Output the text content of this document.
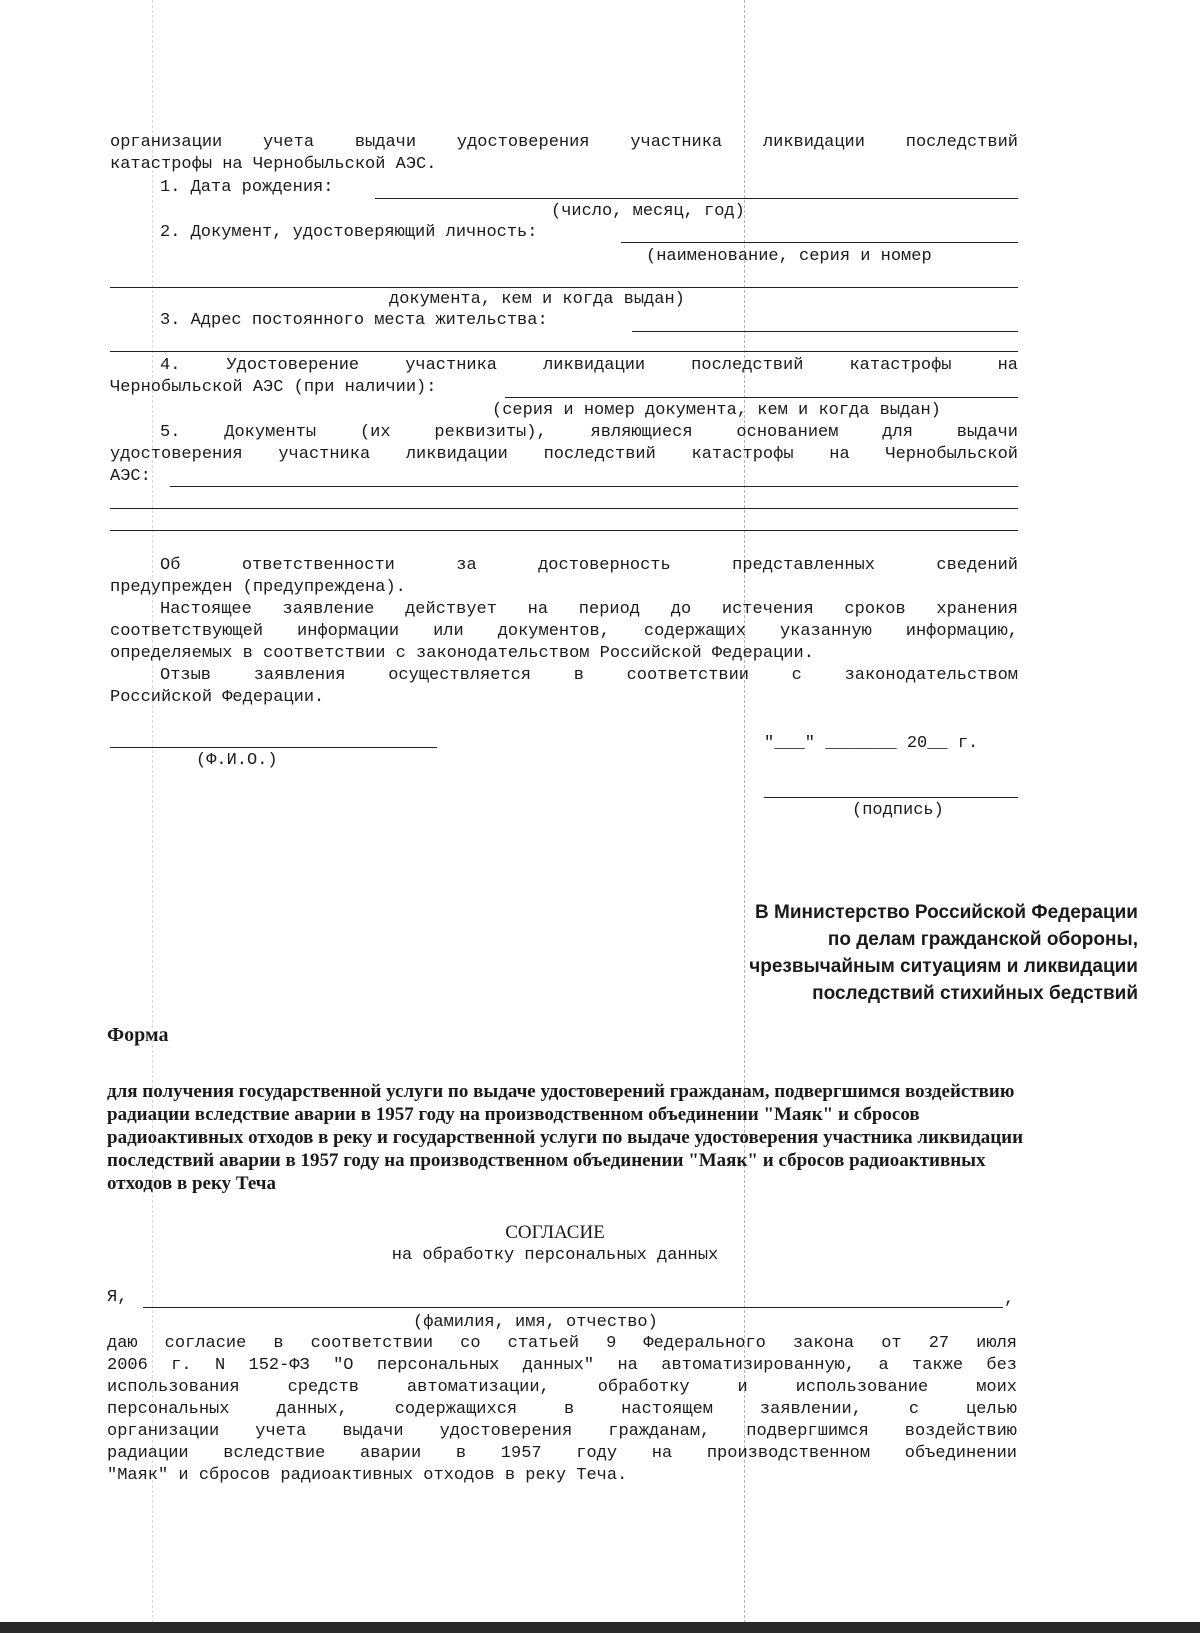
организации учета выдачи удостоверения участника ликвидации последствий
катастрофы на Чернобыльской АЭС.
1. Дата рождения:
(число, месяц, год)
2. Документ, удостоверяющий личность:
(наименование, серия и номер
документа, кем и когда выдан)
3. Адрес постоянного места жительства:
4. Удостоверение участника ликвидации последствий катастрофы на
Чернобыльской АЭС (при наличии):
(серия и номер документа, кем и когда выдан)
5. Документы (их реквизиты), являющиеся основанием для выдачи
удостоверения участника ликвидации последствий катастрофы на Чернобыльской
АЭС:
Об ответственности за достоверность представленных сведений
предупрежден (предупреждена).
Настоящее заявление действует на период до истечения сроков хранения
соответствующей информации или документов, содержащих указанную информацию,
определяемых в соответствии с законодательством Российской Федерации.
Отзыв заявления осуществляется в соответствии с законодательством
Российской Федерации.
(Ф.И.О.)
"___" _______ 20__ г.
(подпись)
В Министерство Российской Федерации
по делам гражданской обороны,
чрезвычайным ситуациям и ликвидации
последствий стихийных бедствий
Форма
для получения государственной услуги по выдаче удостоверений гражданам, подвергшимся воздействию
радиации вследствие аварии в 1957 году на производственном объединении "Маяк" и сбросов
радиоактивных отходов в реку и государственной услуги по выдаче удостоверения участника ликвидации
последствий аварии в 1957 году на производственном объединении "Маяк" и сбросов радиоактивных
отходов в реку Теча
СОГЛАСИЕ
на обработку персональных данных
Я,	,
(фамилия, имя, отчество)
даю согласие в соответствии со статьей 9 Федерального закона от 27 июля
2006 г. N 152-ФЗ "О персональных данных" на автоматизированную, а также без
использования средств автоматизации, обработку и использование моих
персональных данных, содержащихся в настоящем заявлении, с целью
организации учета выдачи удостоверения гражданам, подвергшимся воздействию
радиации вследствие аварии в 1957 году на производственном объединении
"Маяк" и сбросов радиоактивных отходов в реку Теча.
